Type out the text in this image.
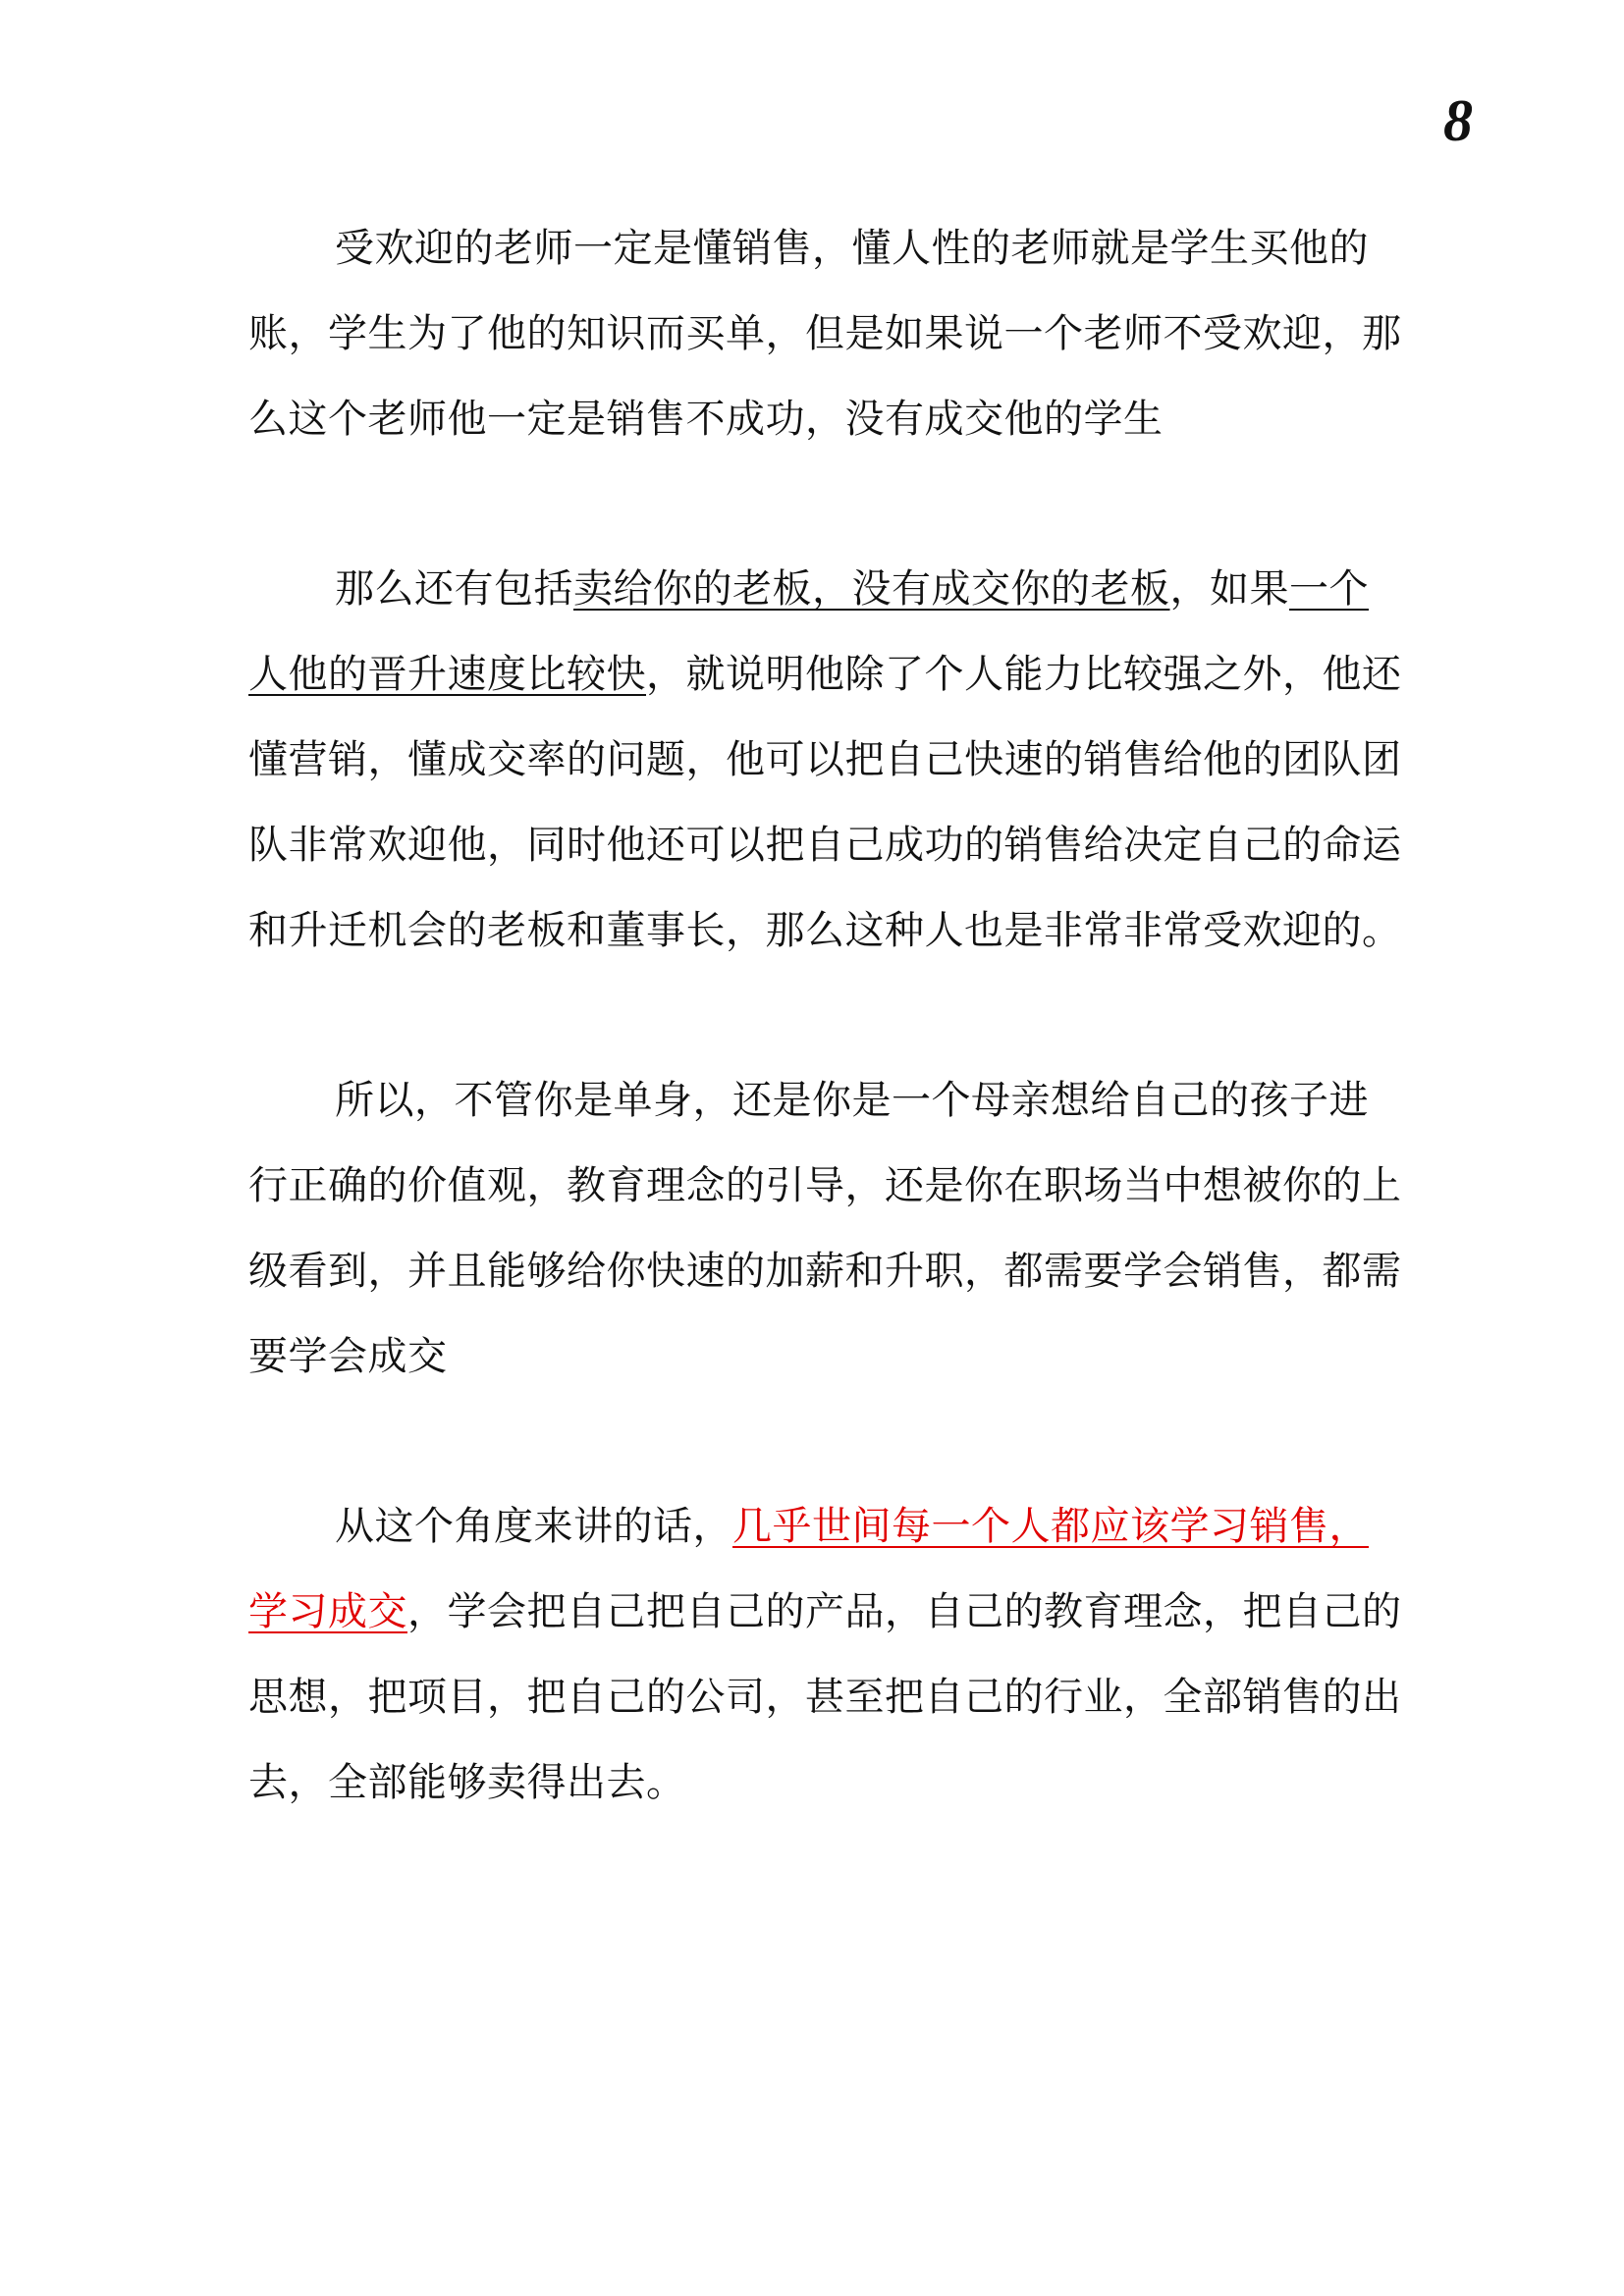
8

受欢迎的老师一定是懂销售，懂人性的老师就是学生买他的账，学生为了他的知识而买单，但是如果说一个老师不受欢迎，那么这个老师他一定是销售不成功，没有成交他的学生

那么还有包括卖给你的老板，没有成交你的老板，如果一个人他的晋升速度比较快，就说明他除了个人能力比较强之外，他还懂营销，懂成交率的问题，他可以把自己快速的销售给他的团队团队非常欢迎他，同时他还可以把自己成功的销售给决定自己的命运和升迁机会的老板和董事长，那么这种人也是非常非常受欢迎的。

所以，不管你是单身，还是你是一个母亲想给自己的孩子进行正确的价值观，教育理念的引导，还是你在职场当中想被你的上级看到，并且能够给你快速的加薪和升职，都需要学会销售，都需要学会成交

从这个角度来讲的话，几乎世间每一个人都应该学习销售，学习成交，学会把自己把自己的产品，自己的教育理念，把自己的思想，把项目，把自己的公司，甚至把自己的行业，全部销售的出去，全部能够卖得出去。
